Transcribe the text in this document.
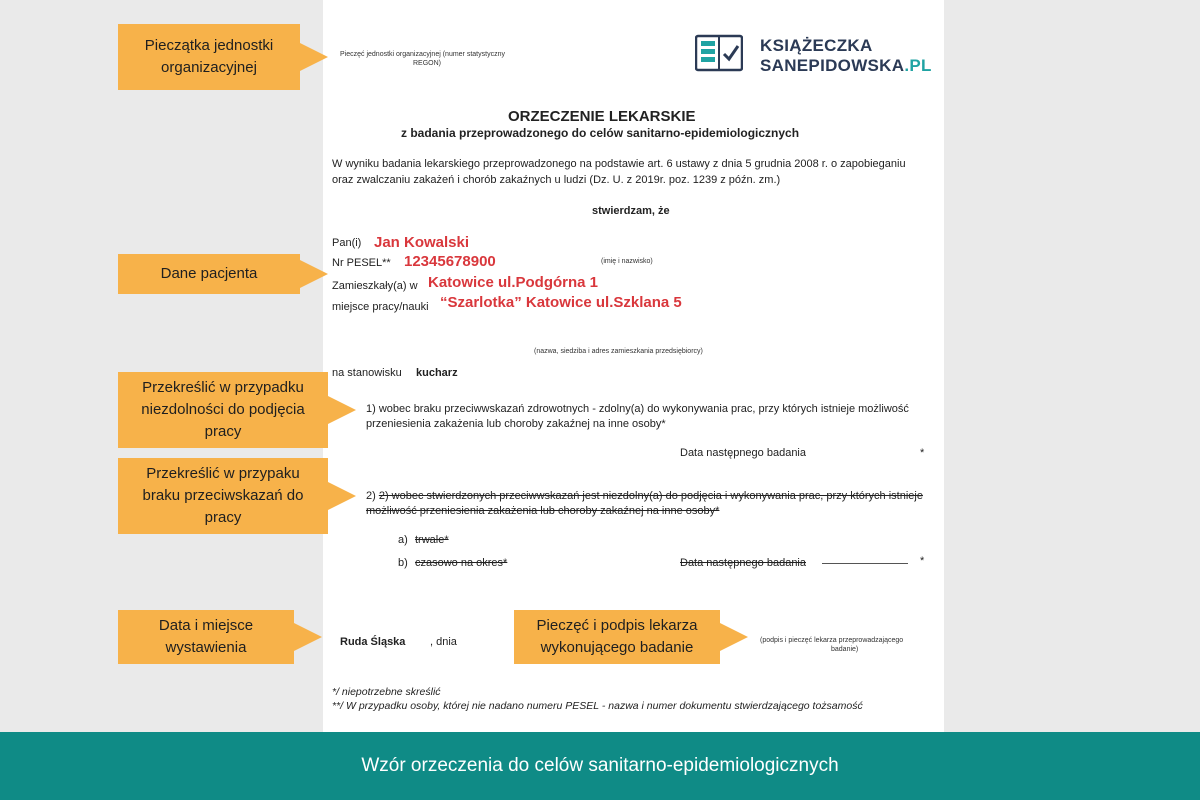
Pieczęć jednostki organizacyjnej (numer statystyczny
REGON)
KSIĄŻECZKA
SANEPIDOWSKA.PL
ORZECZENIE LEKARSKIE
z badania przeprowadzonego do celów sanitarno-epidemiologicznych
W wyniku badania lekarskiego przeprowadzonego na podstawie art. 6 ustawy z dnia 5 grudnia 2008 r. o zapobieganiu
oraz zwalczaniu zakażeń i chorób zakaźnych u ludzi (Dz. U. z 2019r. poz. 1239 z późn. zm.)
stwierdzam, że
Pan(i) Jan Kowalski
Nr PESEL** 12345678900	(imię i nazwisko)
Zamieszkały(a) w Katowice ul.Podgórna 1
miejsce pracy/nauki “Szarlotka” Katowice ul.Szklana 5
(nazwa, siedziba i adres zamieszkania przedsiębiorcy)
na stanowisku kucharz
1) wobec braku przeciwwskazań zdrowotnych - zdolny(a) do wykonywania prac, przy których istnieje możliwość
przeniesienia zakażenia lub choroby zakaźnej na inne osoby*
Data następnego badania	*
2) 2) wobec stwierdzonych przeciwwskazań jest niezdolny(a) do podjęcia i wykonywania prac, przy których istnieje
możliwość przeniesienia zakażenia lub choroby zakaźnej na inne osoby*
a) trwale*
b) czasowo na okres*	Data następnego badania	*
Ruda Śląska , dnia	(podpis i pieczęć lekarza przeprowadzającego
badanie)
*/ niepotrzebne skreślić
**/ W przypadku osoby, której nie nadano numeru PESEL - nazwa i numer dokumentu stwierdzającego tożsamość
Pieczątka jednostki
organizacyjnej
Dane pacjenta
Przekreślić w przypadku
niezdolności do podjęcia
pracy
Przekreślić w przypaku
braku przeciwskazań do
pracy
Data i miejsce
wystawienia
Pieczęć i podpis lekarza
wykonującego badanie
Wzór orzeczenia do celów sanitarno-epidemiologicznych
